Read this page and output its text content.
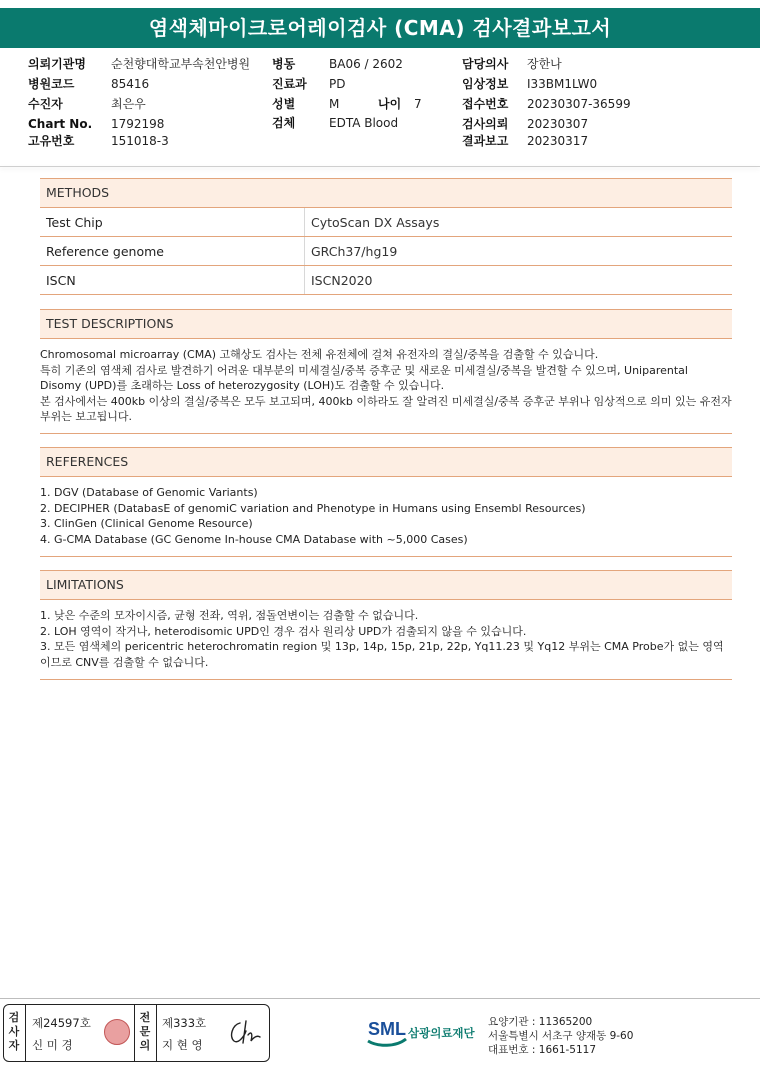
염색체마이크로어레이검사 (CMA) 검사결과보고서
의뢰기관명 순천향대학교부속천안병원
병원코드	85416
수진자	최은우
Chart No. 1792198
고유번호	151018-3
병동	BA06 / 2602
진료과 PD
성별	M	나이 7
검체	EDTA Blood
담당의사 장한나
임상정보 I33BM1LW0
접수번호 20230307-36599
검사의뢰 20230307
결과보고 20230317
METHODS
Test Chip	CytoScan DX Assays
Reference genome	GRCh37/hg19
ISCN	ISCN2020
TEST DESCRIPTIONS

Chromosomal microarray (CMA) 고해상도 검사는 전체 유전체에 걸쳐 유전자의 결실/중복을 검출할 수 있습니다.

특히 기존의 염색체 검사로 발견하기 어려운 대부분의 미세결실/중복 증후군 및 새로운 미세결실/중복을 발견할 수 있으며, Uniparental Disomy (UPD)를 초래하는 Loss of heterozygosity (LOH)도 검출할 수 있습니다.

본 검사에서는 400kb 이상의 결실/중복은 모두 보고되며, 400kb 이하라도 잘 알려진 미세결실/중복 증후군 부위나 임상적으로 의미 있는 유전자 부위는 보고됩니다.

REFERENCES

1. DGV (Database of Genomic Variants)

2. DECIPHER (DatabasE of genomiC variation and Phenotype in Humans using Ensembl Resources)

3. ClinGen (Clinical Genome Resource)

4. G-CMA Database (GC Genome In-house CMA Database with ~5,000 Cases)

LIMITATIONS

1. 낮은 수준의 모자이시즘, 균형 전좌, 역위, 점돌연변이는 검출할 수 없습니다.

2. LOH 영역이 작거나, heterodisomic UPD인 경우 검사 원리상 UPD가 검출되지 않을 수 있습니다.

3. 모든 염색체의 pericentric heterochromatin region 및 13p, 14p, 15p, 21p, 22p, Yq11.23 및 Yq12 부위는 CMA Probe가 없는 영역이므로 CNV를 검출할 수 없습니다.

검사자
제24597호
신 미 경
전문의
제333호
지 현 영
SML 삼광의료재단
요양기관 : 11365200
서울특별시 서초구 양재동 9-60
대표번호 : 1661-5117
